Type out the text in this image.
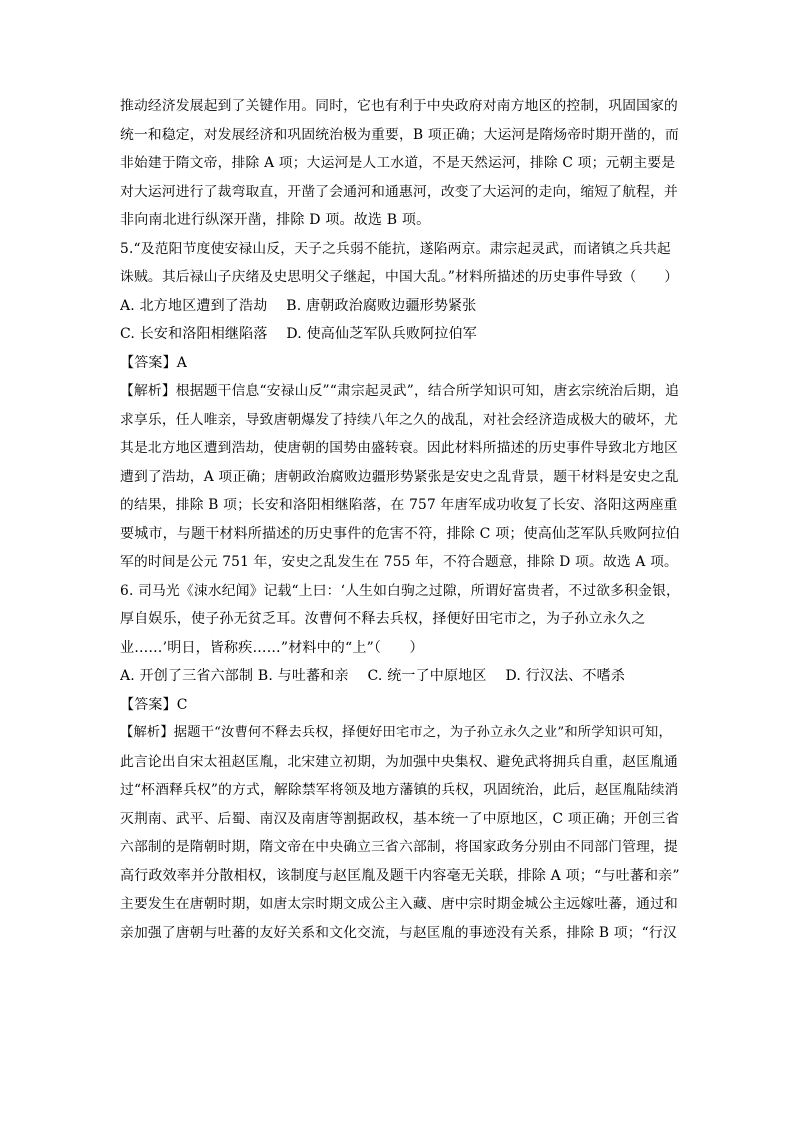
推动经济发展起到了关键作用。同时，它也有利于中央政府对南方地区的控制，巩固国家的
统一和稳定，对发展经济和巩固统治极为重要，B 项正确；大运河是隋炀帝时期开凿的，而
非始建于隋文帝，排除 A 项；大运河是人工水道，不是天然运河，排除 C 项；元朝主要是
对大运河进行了裁弯取直，开凿了会通河和通惠河，改变了大运河的走向，缩短了航程，并
非向南北进行纵深开凿，排除 D 项。故选 B 项。
5.“及范阳节度使安禄山反，天子之兵弱不能抗，遂陷两京。肃宗起灵武，而诸镇之兵共起
诛贼。其后禄山子庆绪及史思明父子继起，中国大乱。”材料所描述的历史事件导致（　　）
A. 北方地区遭到了浩劫　 B. 唐朝政治腐败边疆形势紧张
C. 长安和洛阳相继陷落　 D. 使高仙芝军队兵败阿拉伯军
【答案】A
【解析】根据题干信息“安禄山反”“肃宗起灵武”，结合所学知识可知，唐玄宗统治后期，追
求享乐，任人唯亲，导致唐朝爆发了持续八年之久的战乱，对社会经济造成极大的破坏，尤
其是北方地区遭到浩劫，使唐朝的国势由盛转衰。因此材料所描述的历史事件导致北方地区
遭到了浩劫，A 项正确；唐朝政治腐败边疆形势紧张是安史之乱背景，题干材料是安史之乱
的结果，排除 B 项；长安和洛阳相继陷落，在 757 年唐军成功收复了长安、洛阳这两座重
要城市，与题干材料所描述的历史事件的危害不符，排除 C 项；使高仙芝军队兵败阿拉伯
军的时间是公元 751 年，安史之乱发生在 755 年，不符合题意，排除 D 项。故选 A 项。
6. 司马光《涑水纪闻》记载“上曰：‘人生如白驹之过隙，所谓好富贵者，不过欲多积金银，
厚自娱乐，使子孙无贫乏耳。汝曹何不释去兵权，择便好田宅市之，为子孙立永久之
业……’明日，皆称疾……”材料中的“上”（　　）
A. 开创了三省六部制 B. 与吐蕃和亲　 C. 统一了中原地区　 D. 行汉法、不嗜杀
【答案】C
【解析】据题干“汝曹何不释去兵权，择便好田宅市之，为子孙立永久之业”和所学知识可知，
此言论出自宋太祖赵匡胤，北宋建立初期，为加强中央集权、避免武将拥兵自重，赵匡胤通
过“杯酒释兵权”的方式，解除禁军将领及地方藩镇的兵权，巩固统治，此后，赵匡胤陆续消
灭荆南、武平、后蜀、南汉及南唐等割据政权，基本统一了中原地区，C 项正确；开创三省
六部制的是隋朝时期，隋文帝在中央确立三省六部制，将国家政务分别由不同部门管理，提
高行政效率并分散相权，该制度与赵匡胤及题干内容毫无关联，排除 A 项；“与吐蕃和亲”
主要发生在唐朝时期，如唐太宗时期文成公主入藏、唐中宗时期金城公主远嫁吐蕃，通过和
亲加强了唐朝与吐蕃的友好关系和文化交流，与赵匡胤的事迹没有关系，排除 B 项；“行汉
